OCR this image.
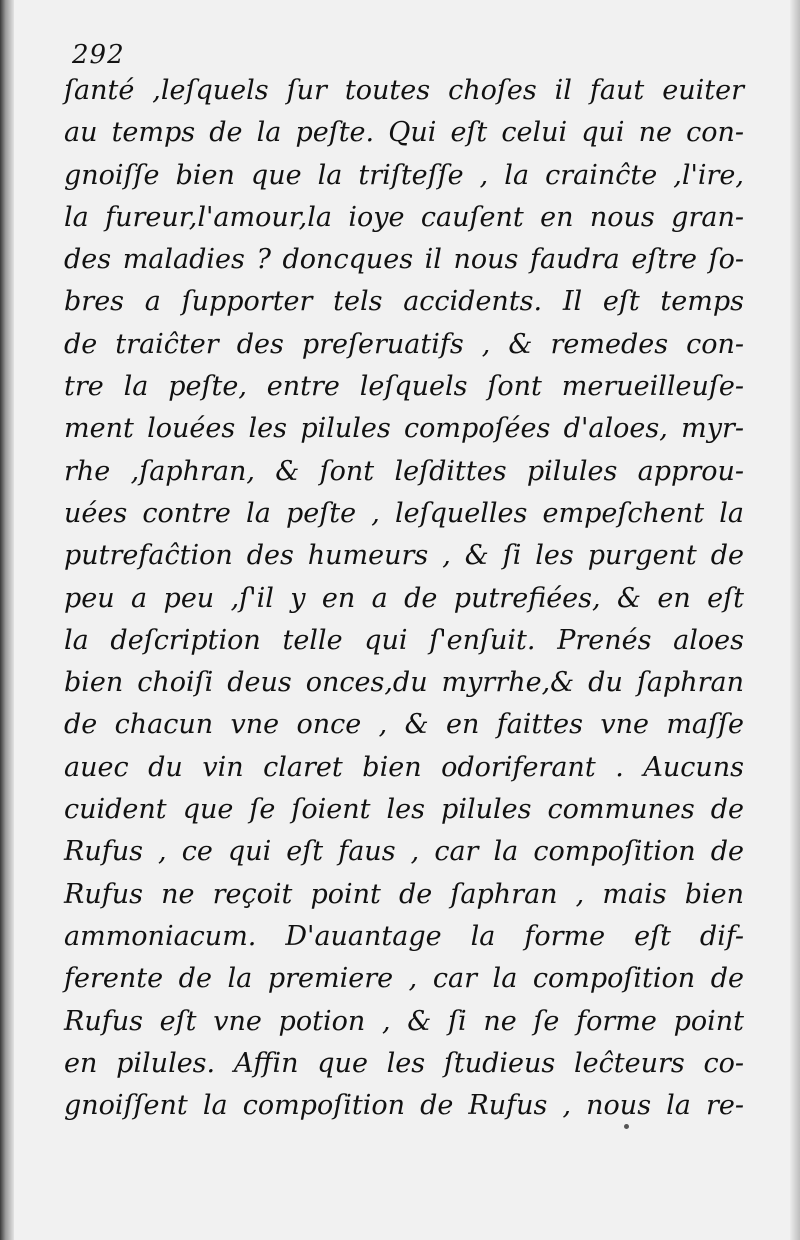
292
ſanté ,leſquels ſur toutes choſes il faut euiter
au temps de la peſte. Qui eſt celui qui ne con-
gnoiſſe bien que la triſteſſe , la crainĉte ,l'ire,
la fureur,l'amour,la ioye cauſent en nous gran-
des maladies ? doncques il nous faudra eſtre ſo-
bres a ſupporter tels accidents. Il eſt temps
de traiĉter des preſeruatifs , & remedes con-
tre la peſte, entre leſquels ſont merueilleuſe-
ment louées les pilules compoſées d'aloes, myr-
rhe ,ſaphran, & ſont leſdittes pilules approu-
uées contre la peſte , leſquelles empeſchent la
putrefaĉtion des humeurs , & ſi les purgent de
peu a peu ,ſ'il y en a de putrefiées, & en eſt
la deſcription telle qui ſ'enſuit. Prenés aloes
bien choiſi deus onces,du myrrhe,& du ſaphran
de chacun vne once , & en faittes vne maſſe
auec du vin claret bien odoriferant . Aucuns
cuident que ſe ſoient les pilules communes de
Rufus , ce qui eſt faus , car la compoſition de
Rufus ne reçoit point de ſaphran , mais bien
ammoniacum. D'auantage la forme eſt dif-
ferente de la premiere , car la compoſition de
Rufus eſt vne potion , & ſi ne ſe forme point
en pilules. Affin que les ſtudieus leĉteurs co-
gnoiſſent la compoſition de Rufus , nous la re-
